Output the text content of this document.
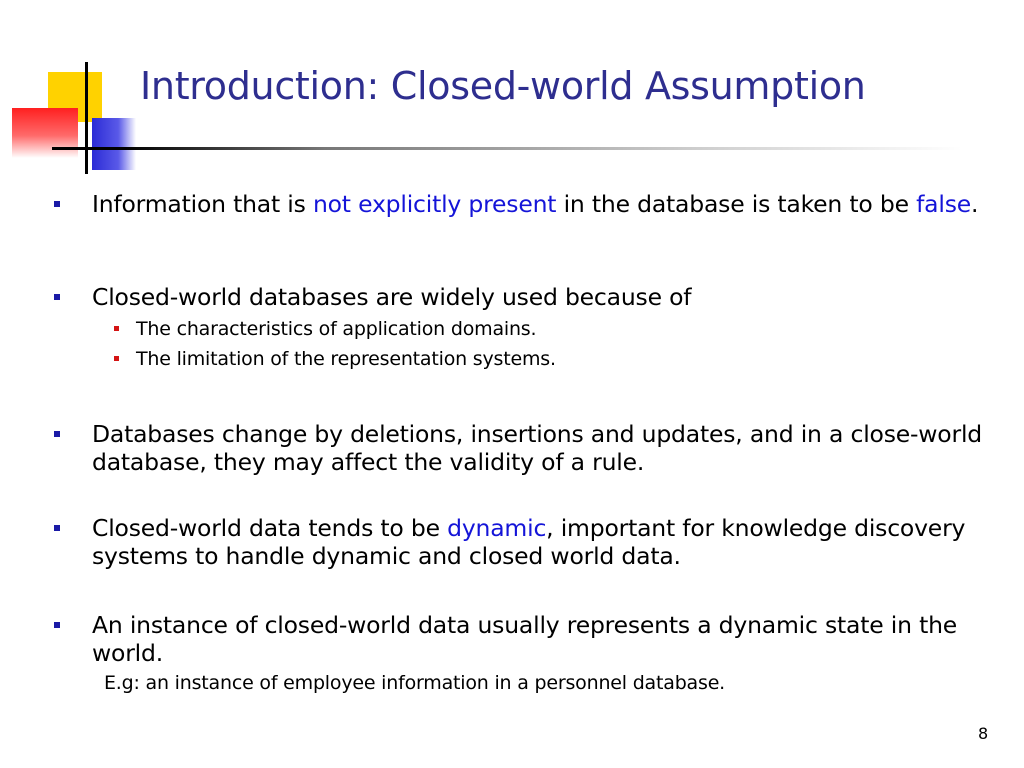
Introduction: Closed-world Assumption
Information that is not explicitly present in the database is taken to be false.
Closed-world databases are widely used because of
The characteristics of application domains.
The limitation of the representation systems.
Databases change by deletions, insertions and updates, and in a close-world database, they may affect the validity of a rule.
Closed-world data tends to be dynamic, important for knowledge discovery systems to handle dynamic and closed world data.
An instance of closed-world data usually represents a dynamic state in the world.
E.g: an instance of employee information in a personnel database.
8
